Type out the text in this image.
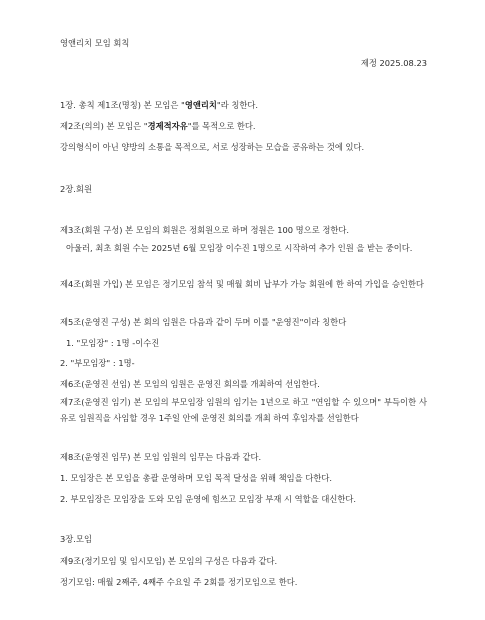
영앤리치 모임 회칙
제정 2025.08.23
1장. 총칙 제1조(명칭) 본 모임은 "영앤리치"라 칭한다.
제2조(의의) 본 모임은 "경제적자유"를 목적으로 한다.
강의형식이 아닌 양방의 소통을 목적으로, 서로 성장하는 모습을 공유하는 것에 있다.
2장.회원
제3조(회원 구성) 본 모임의 회원은 정회원으로 하며 정원은 100 명으로 정한다.
아울러, 최초 회원 수는 2025년 6월 모임장 이수진 1명으로 시작하여 추가 인원 을 받는 중이다.
제4조(회원 가입) 본 모임은 정기모임 참석 및 매월 회비 납부가 가능 회원에 한 하여 가입을 승인한다
제5조(운영진 구성) 본 회의 임원은 다음과 같이 두며 이를 "운영진"이라 칭한다
1. "모임장" : 1명 -이수진
2. "부모임장" : 1명-
제6조(운영진 선임) 본 모임의 임원은 운영진 회의를 개최하여 선임한다.
제7조(운영진 임기) 본 모임의 부모임장 임원의 임기는 1년으로 하고 "연임할 수 있으며" 부득이한 사유로 임원직을 사임할 경우 1주일 안에 운영진 회의를 개최 하여 후임자를 선임한다
제8조(운영진 임무) 본 모임 임원의 임무는 다음과 같다.
1. 모임장은 본 모임을 총괄 운영하며 모임 목적 달성을 위해 책임을 다한다.
2. 부모임장은 모임장을 도와 모임 운영에 힘쓰고 모임장 부재 시 역할을 대신한다.
3장.모임
제9조(정기모임 및 임시모임) 본 모임의 구성은 다음과 같다.
정기모임: 매월 2째주, 4째주 수요일 주 2회를 정기모임으로 한다.
